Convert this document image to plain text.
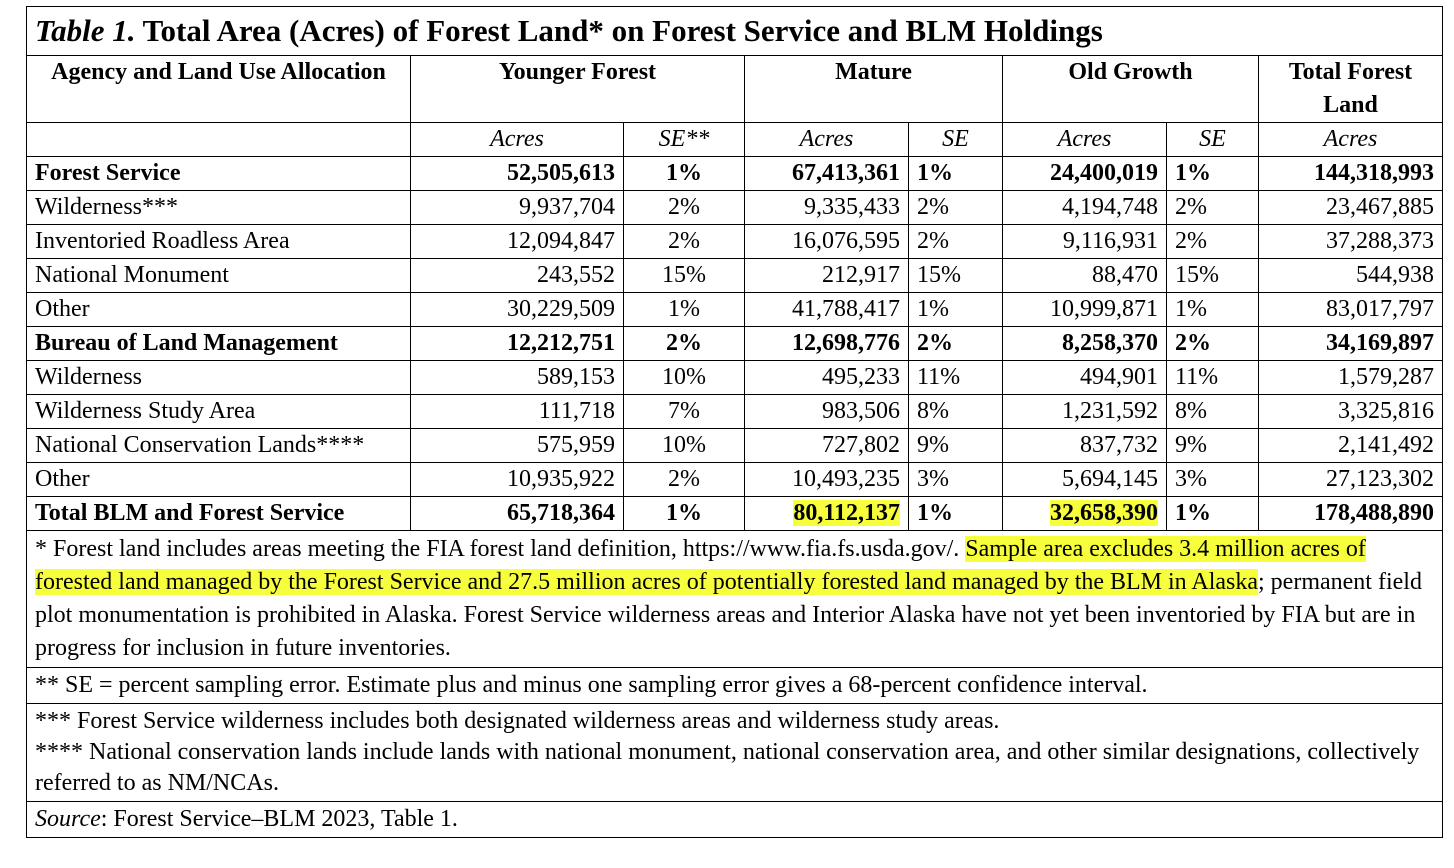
Table 1. Total Area (Acres) of Forest Land* on Forest Service and BLM Holdings							
Agency and Land Use Allocation	Younger Forest		Mature		Old Growth		Total Forest Land
	Acres	SE**	Acres	SE	Acres	SE	Acres
Forest Service	52,505,613	1%	67,413,361	1%	24,400,019	1%	144,318,993
Wilderness***	9,937,704	2%	9,335,433	2%	4,194,748	2%	23,467,885
Inventoried Roadless Area	12,094,847	2%	16,076,595	2%	9,116,931	2%	37,288,373
National Monument	243,552	15%	212,917	15%	88,470	15%	544,938
Other	30,229,509	1%	41,788,417	1%	10,999,871	1%	83,017,797
Bureau of Land Management	12,212,751	2%	12,698,776	2%	8,258,370	2%	34,169,897
Wilderness	589,153	10%	495,233	11%	494,901	11%	1,579,287
Wilderness Study Area	111,718	7%	983,506	8%	1,231,592	8%	3,325,816
National Conservation Lands****	575,959	10%	727,802	9%	837,732	9%	2,141,492
Other	10,935,922	2%	10,493,235	3%	5,694,145	3%	27,123,302
Total BLM and Forest Service	65,718,364	1%	80,112,137	1%	32,658,390	1%	178,488,890
* Forest land includes areas meeting the FIA forest land definition, https://www.fia.fs.usda.gov/. Sample area excludes 3.4 million acres of forested land managed by the Forest Service and 27.5 million acres of potentially forested land managed by the BLM in Alaska; permanent field plot monumentation is prohibited in Alaska. Forest Service wilderness areas and Interior Alaska have not yet been inventoried by FIA but are in progress for inclusion in future inventories.							
** SE = percent sampling error. Estimate plus and minus one sampling error gives a 68-percent confidence interval.							

*** Forest Service wilderness includes both designated wilderness areas and wilderness study areas.
**** National conservation lands include lands with national monument, national conservation area, and other similar designations, collectively referred to as NM/NCAs.							

Source: Forest Service–BLM 2023, Table 1.							
